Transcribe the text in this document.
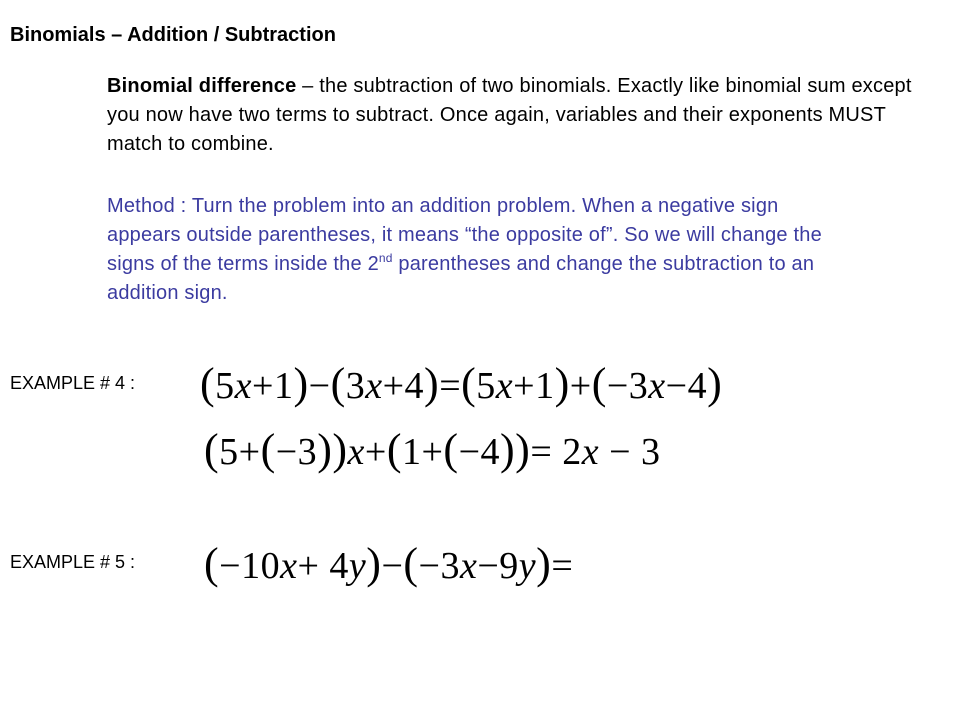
Binomials – Addition / Subtraction
Binomial difference – the subtraction of two binomials. Exactly like binomial sum except you now have two terms to subtract. Once again, variables and their exponents MUST match to combine.
Method : Turn the problem into an addition problem. When a negative sign appears outside parentheses, it means “the opposite of”. So we will change the signs of the terms inside the 2nd parentheses and change the subtraction to an addition sign.
EXAMPLE # 4 : (5x+1)−(3x+4)=(5x+1)+(−3x−4)
(5+(−3))x+(1+(−4))= 2x − 3
EXAMPLE # 5 : (−10x+ 4y)−(−3x−9y)=
